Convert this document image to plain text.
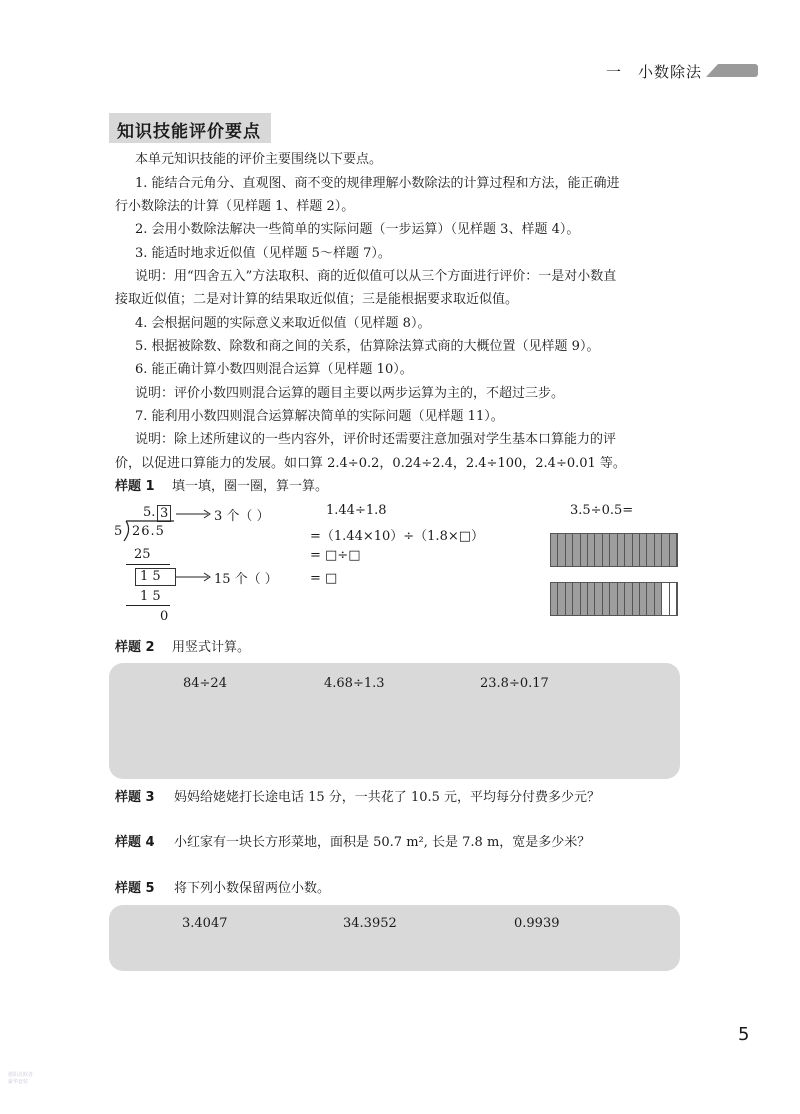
一　小数除法
知识技能评价要点
本单元知识技能的评价主要围绕以下要点。
1. 能结合元角分、直观图、商不变的规律理解小数除法的计算过程和方法，能正确进
行小数除法的计算（见样题 1、样题 2）。
2. 会用小数除法解决一些简单的实际问题（一步运算）（见样题 3、样题 4）。
3. 能适时地求近似值（见样题 5～样题 7）。
说明：用“四舍五入”方法取积、商的近似值可以从三个方面进行评价：一是对小数直
接取近似值；二是对计算的结果取近似值；三是能根据要求取近似值。
4. 会根据问题的实际意义来取近似值（见样题 8）。
5. 根据被除数、除数和商之间的关系，估算除法算式商的大概位置（见样题 9）。
6. 能正确计算小数四则混合运算（见样题 10）。
说明：评价小数四则混合运算的题目主要以两步运算为主的，不超过三步。
7. 能利用小数四则混合运算解决简单的实际问题（见样题 11）。
说明：除上述所建议的一些内容外，评价时还需要注意加强对学生基本口算能力的评
价，以促进口算能力的发展。如口算 2.4÷0.2，0.24÷2.4，2.4÷100，2.4÷0.01 等。
样题 1 填一填，圈一圈，算一算。
5. 3
5 26.5
25
1 5
1 5
0
3 个（ ）
15 个（ ）
1.44÷1.8
=（1.44×10）÷（1.8×□）
= □÷□
= □
3.5÷0.5=
样题 2 用竖式计算。
84÷24	4.68÷1.3	23.8÷0.17
样题 3 妈妈给姥姥打长途电话 15 分，一共花了 10.5 元，平均每分付费多少元？
样题 4 小红家有一块长方形菜地，面积是 50.7 m², 长是 7.8 m，宽是多少米？
样题 5 将下列小数保留两位小数。
3.4047	34.3952	0.9939
5
德阳北欧者
豪华套装
